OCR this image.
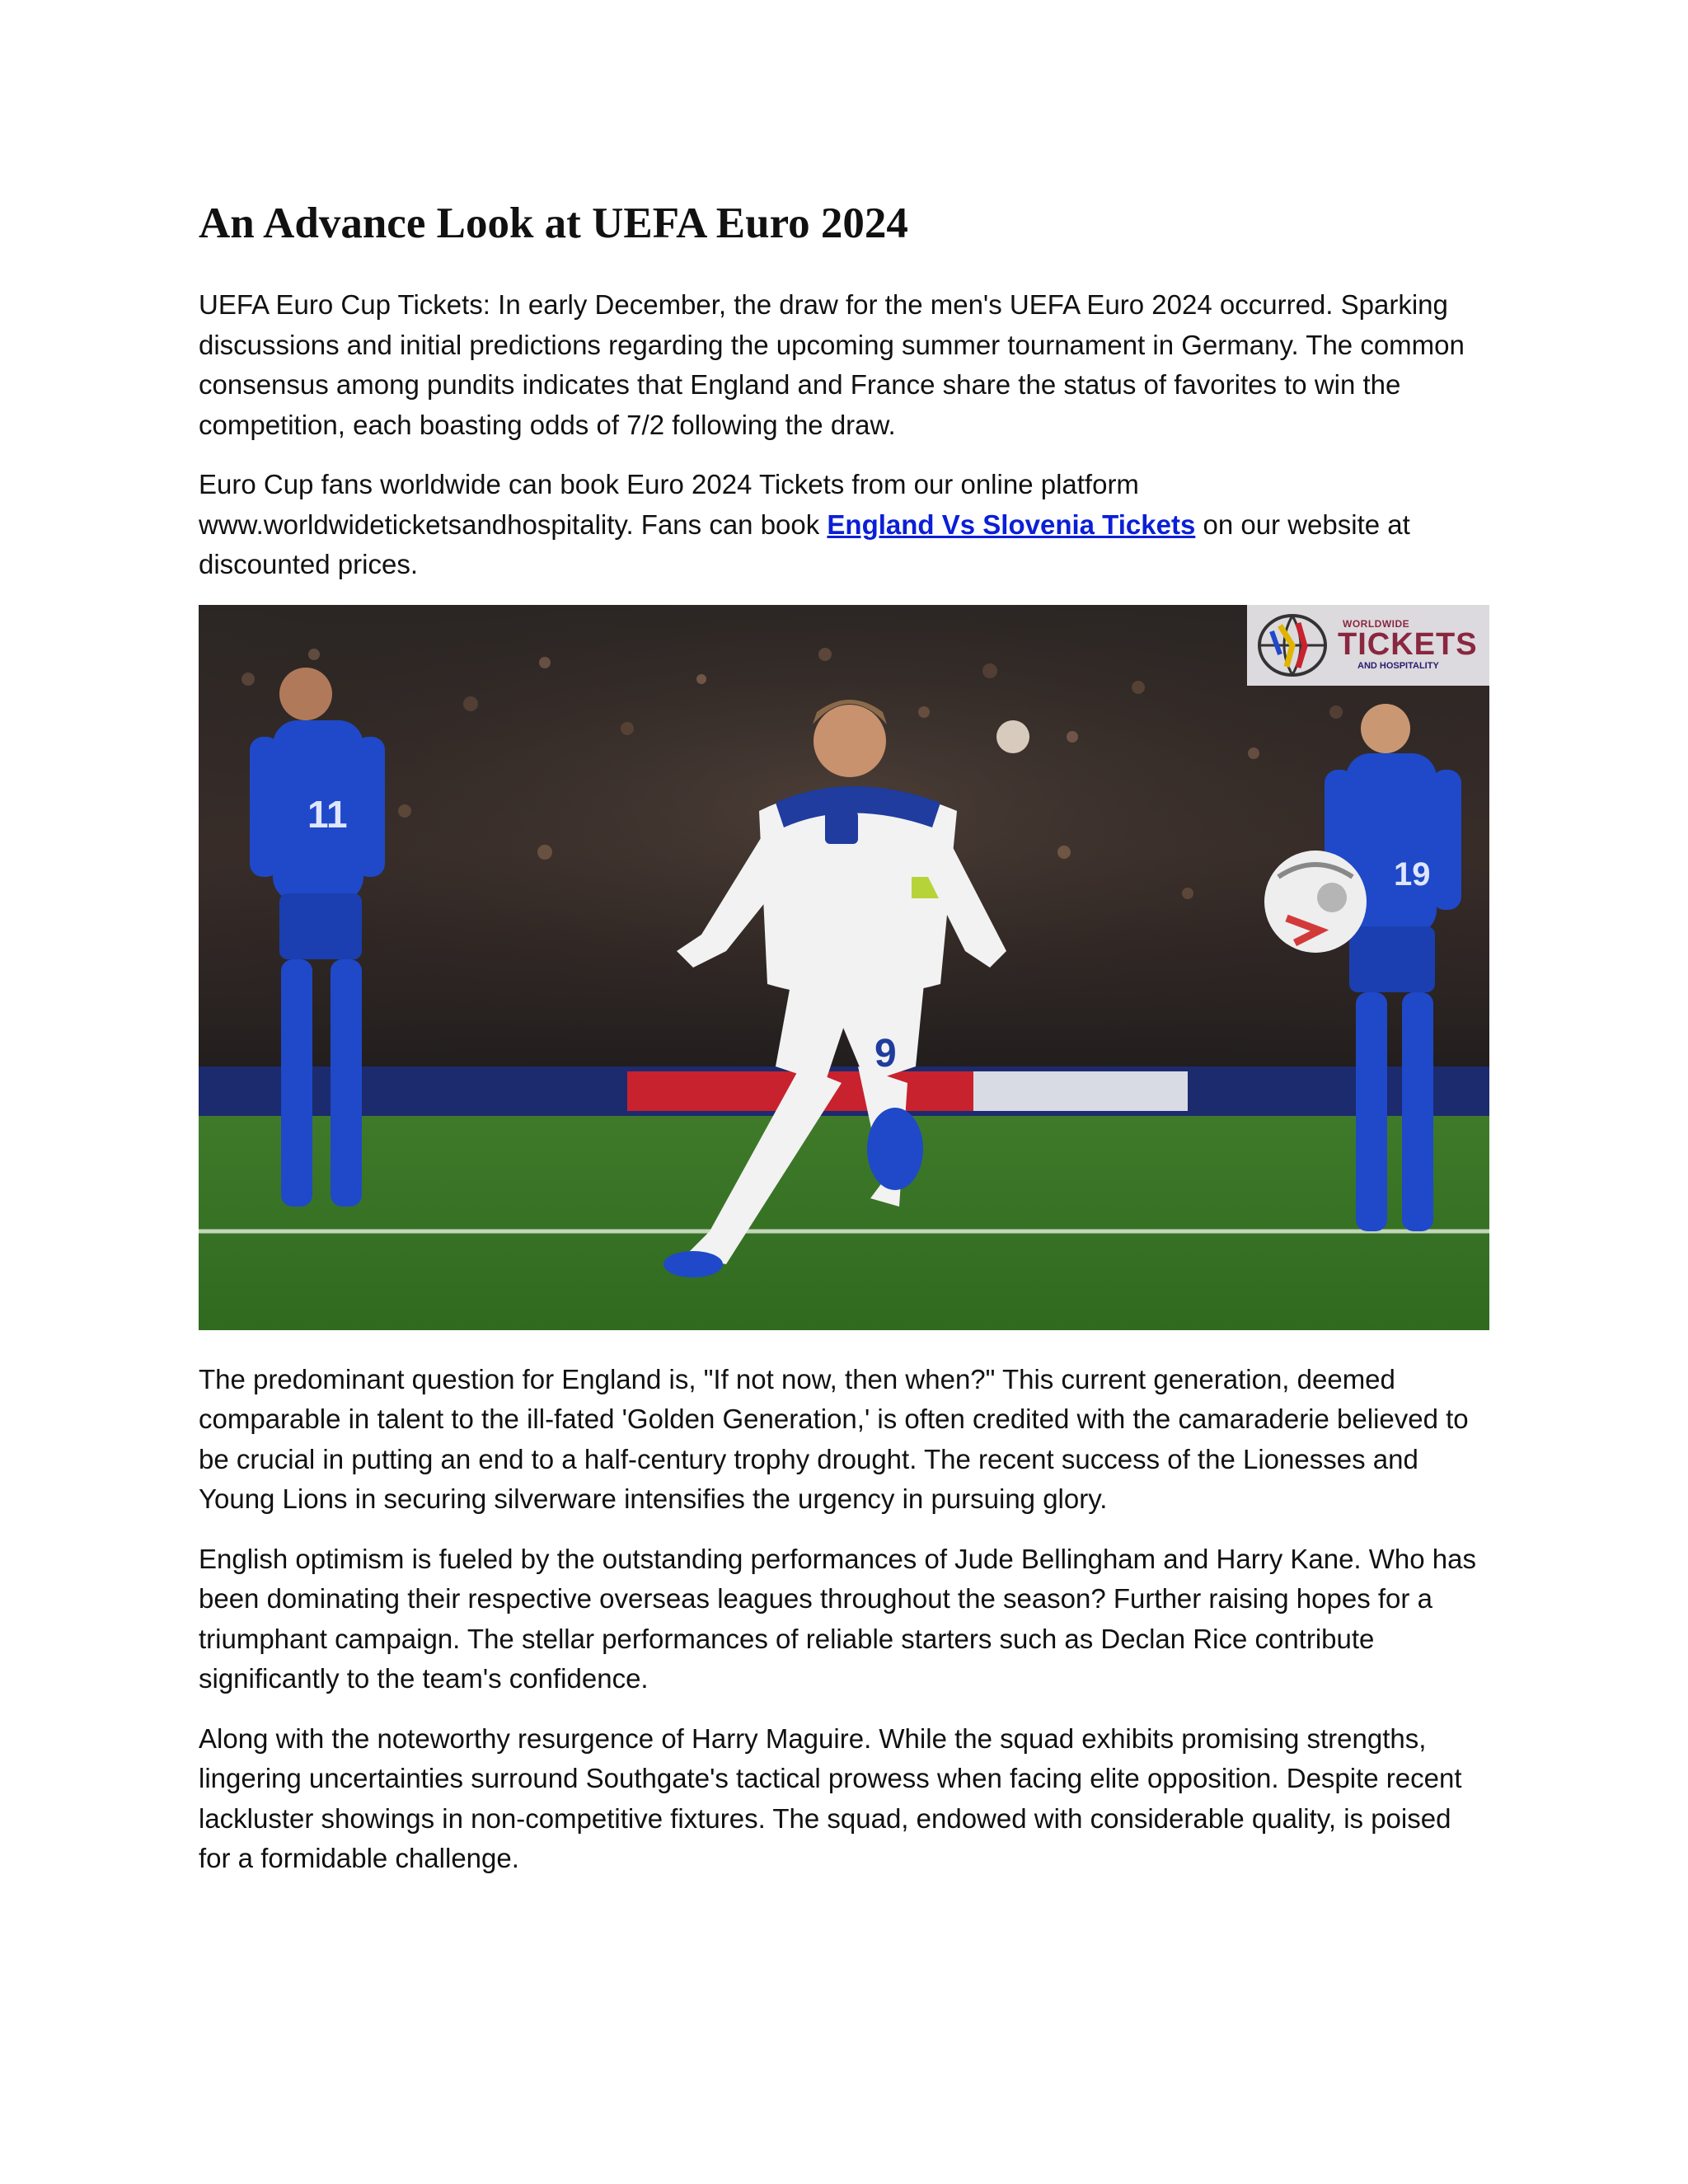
An Advance Look at UEFA Euro 2024

UEFA Euro Cup Tickets: In early December, the draw for the men's UEFA Euro 2024 occurred. Sparking discussions and initial predictions regarding the upcoming summer tournament in Germany. The common consensus among pundits indicates that England and France share the status of favorites to win the competition, each boasting odds of 7/2 following the draw.

Euro Cup fans worldwide can book Euro 2024 Tickets from our online platform www.worldwideticketsandhospitality. Fans can book England Vs Slovenia Tickets on our website at discounted prices.

11
19
9
WORLDWIDE
TICKETS
AND HOSPITALITY

The predominant question for England is, "If not now, then when?" This current generation, deemed comparable in talent to the ill-fated 'Golden Generation,' is often credited with the camaraderie believed to be crucial in putting an end to a half-century trophy drought. The recent success of the Lionesses and Young Lions in securing silverware intensifies the urgency in pursuing glory.

English optimism is fueled by the outstanding performances of Jude Bellingham and Harry Kane. Who has been dominating their respective overseas leagues throughout the season? Further raising hopes for a triumphant campaign. The stellar performances of reliable starters such as Declan Rice contribute significantly to the team's confidence.

Along with the noteworthy resurgence of Harry Maguire. While the squad exhibits promising strengths, lingering uncertainties surround Southgate's tactical prowess when facing elite opposition. Despite recent lackluster showings in non-competitive fixtures. The squad, endowed with considerable quality, is poised for a formidable challenge.
